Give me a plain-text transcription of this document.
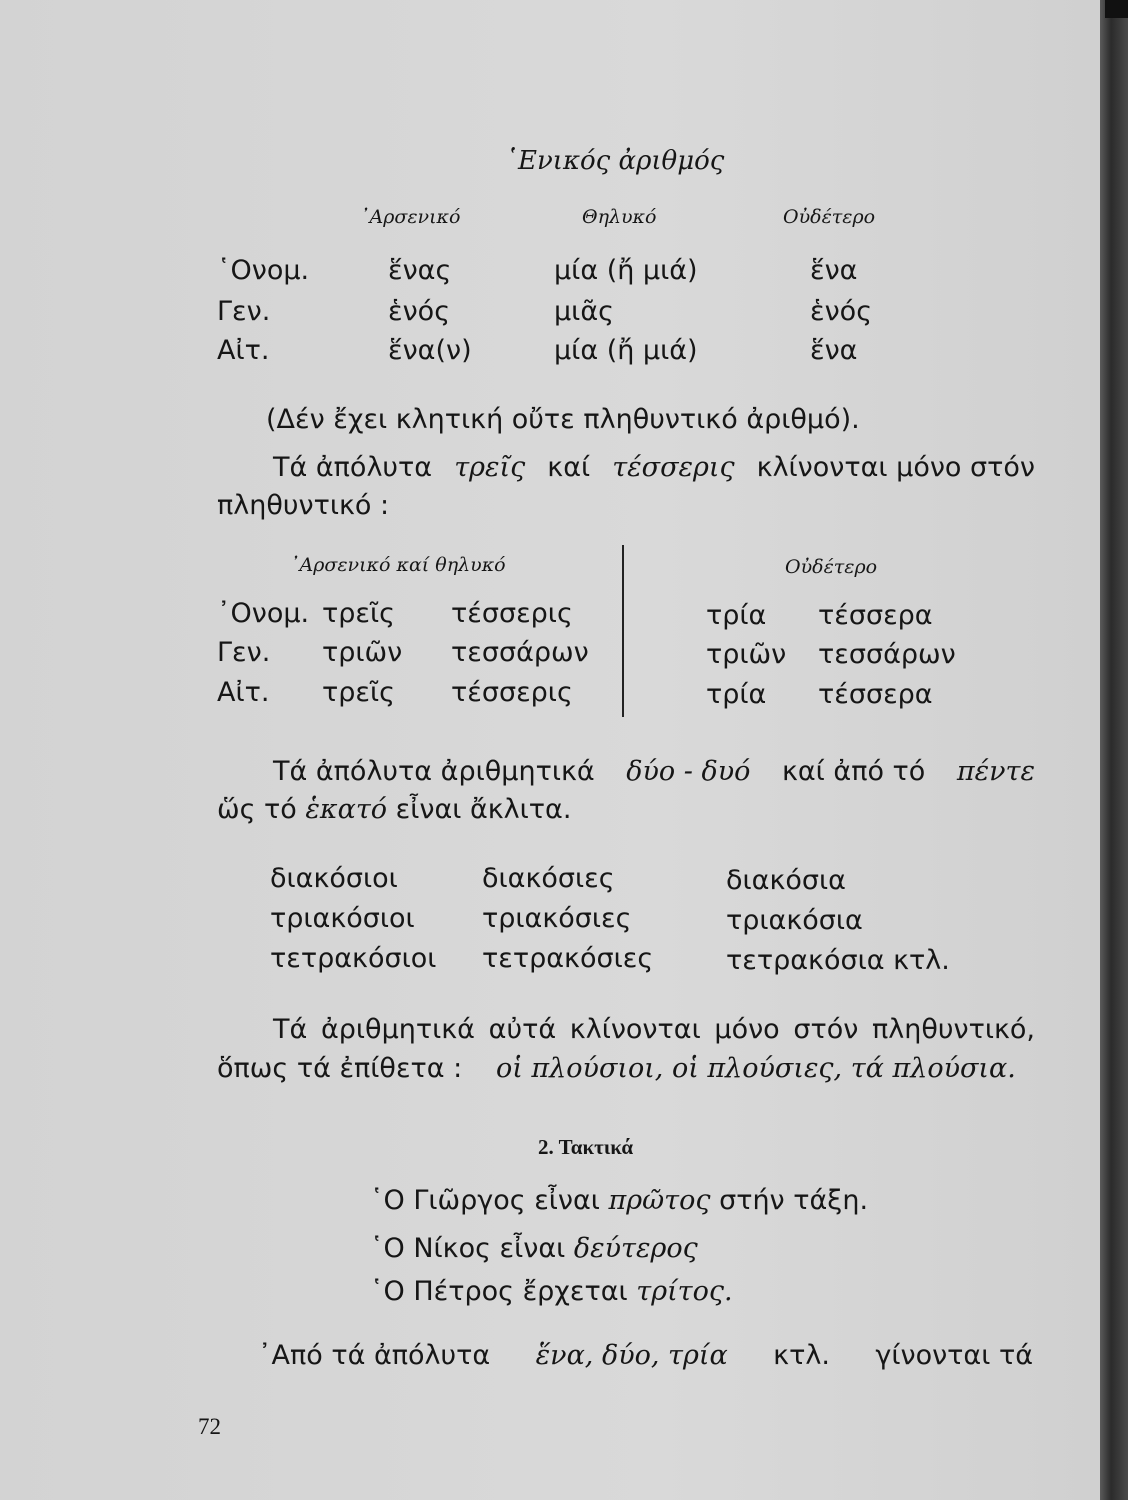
῾Ενικός ἀριθμός
᾿Αρσενικό	Θηλυκό	Οὐδέτερο
῾Ονομ.	ἕνας	μία (ἤ μιά)	ἕνα
Γεν.	ἑνός	μιᾶς	ἑνός
Αἰτ.	ἕνα(ν)	μία (ἤ μιά)	ἕνα
(Δέν ἔχει κλητική οὔτε πληθυντικό ἀριθμό).
Τά ἀπόλυτα τρεῖς καί τέσσερις κλίνονται μόνο στόν
πληθυντικό :
᾿Αρσενικό καί θηλυκό	Οὐδέτερο
᾿Ονομ. τρεῖς τέσσερις	τρία τέσσερα
Γεν. τριῶν τεσσάρων	τριῶν τεσσάρων
Αἰτ. τρεῖς τέσσερις	τρία τέσσερα
Τά ἀπόλυτα ἀριθμητικά δύο - δυό καί ἀπό τό πέντε
ὥς τό ἑκατό εἶναι ἄκλιτα.
διακόσιοι	διακόσιες	διακόσια
τριακόσιοι τριακόσιες	τριακόσια
τετρακόσιοι τετρακόσιες	τετρακόσια κτλ.
Τά ἀριθμητικά αὐτά κλίνονται μόνο στόν πληθυντικό,
ὅπως τά ἐπίθετα : οἱ πλούσιοι, οἱ πλούσιες, τά πλούσια.
2. Τακτικά
῾Ο Γιῶργος εἶναι πρῶτος στήν τάξη.
῾Ο Νίκος εἶναι δεύτερος
῾Ο Πέτρος ἔρχεται τρίτος.
᾿Από τά ἀπόλυτα ἕνα, δύο, τρία κτλ. γίνονται τά
72
